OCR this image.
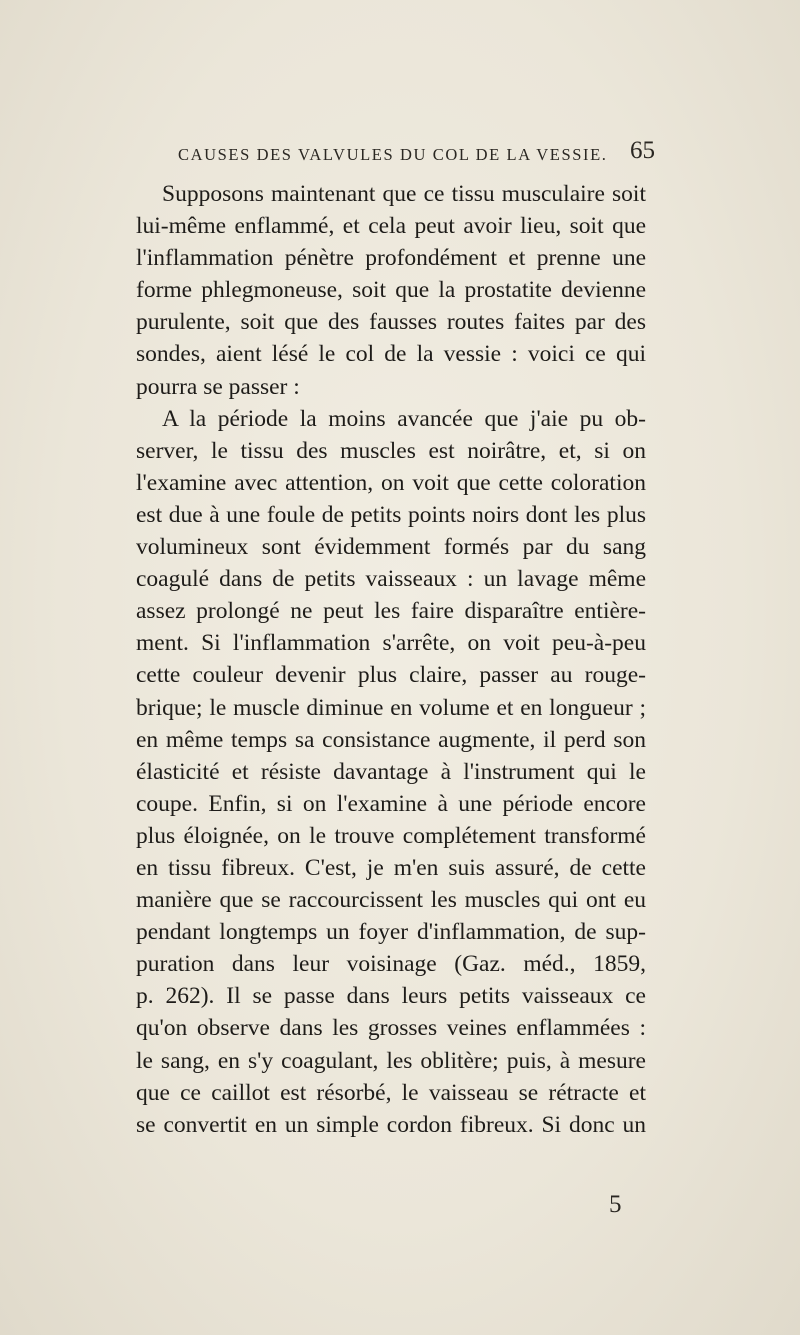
CAUSES DES VALVULES DU COL DE LA VESSIE. 65
Supposons maintenant que ce tissu musculaire soit
lui-même enflammé, et cela peut avoir lieu, soit que
l'inflammation pénètre profondément et prenne une
forme phlegmoneuse, soit que la prostatite devienne
purulente, soit que des fausses routes faites par des
sondes, aient lésé le col de la vessie : voici ce qui
pourra se passer :
A la période la moins avancée que j'aie pu ob-
server, le tissu des muscles est noirâtre, et, si on
l'examine avec attention, on voit que cette coloration
est due à une foule de petits points noirs dont les plus
volumineux sont évidemment formés par du sang
coagulé dans de petits vaisseaux : un lavage même
assez prolongé ne peut les faire disparaître entière-
ment. Si l'inflammation s'arrête, on voit peu-à-peu
cette couleur devenir plus claire, passer au rouge-
brique; le muscle diminue en volume et en longueur ;
en même temps sa consistance augmente, il perd son
élasticité et résiste davantage à l'instrument qui le
coupe. Enfin, si on l'examine à une période encore
plus éloignée, on le trouve complétement transformé
en tissu fibreux. C'est, je m'en suis assuré, de cette
manière que se raccourcissent les muscles qui ont eu
pendant longtemps un foyer d'inflammation, de sup-
puration dans leur voisinage (Gaz. méd., 1859,
p. 262). Il se passe dans leurs petits vaisseaux ce
qu'on observe dans les grosses veines enflammées :
le sang, en s'y coagulant, les oblitère; puis, à mesure
que ce caillot est résorbé, le vaisseau se rétracte et
se convertit en un simple cordon fibreux. Si donc un
5
